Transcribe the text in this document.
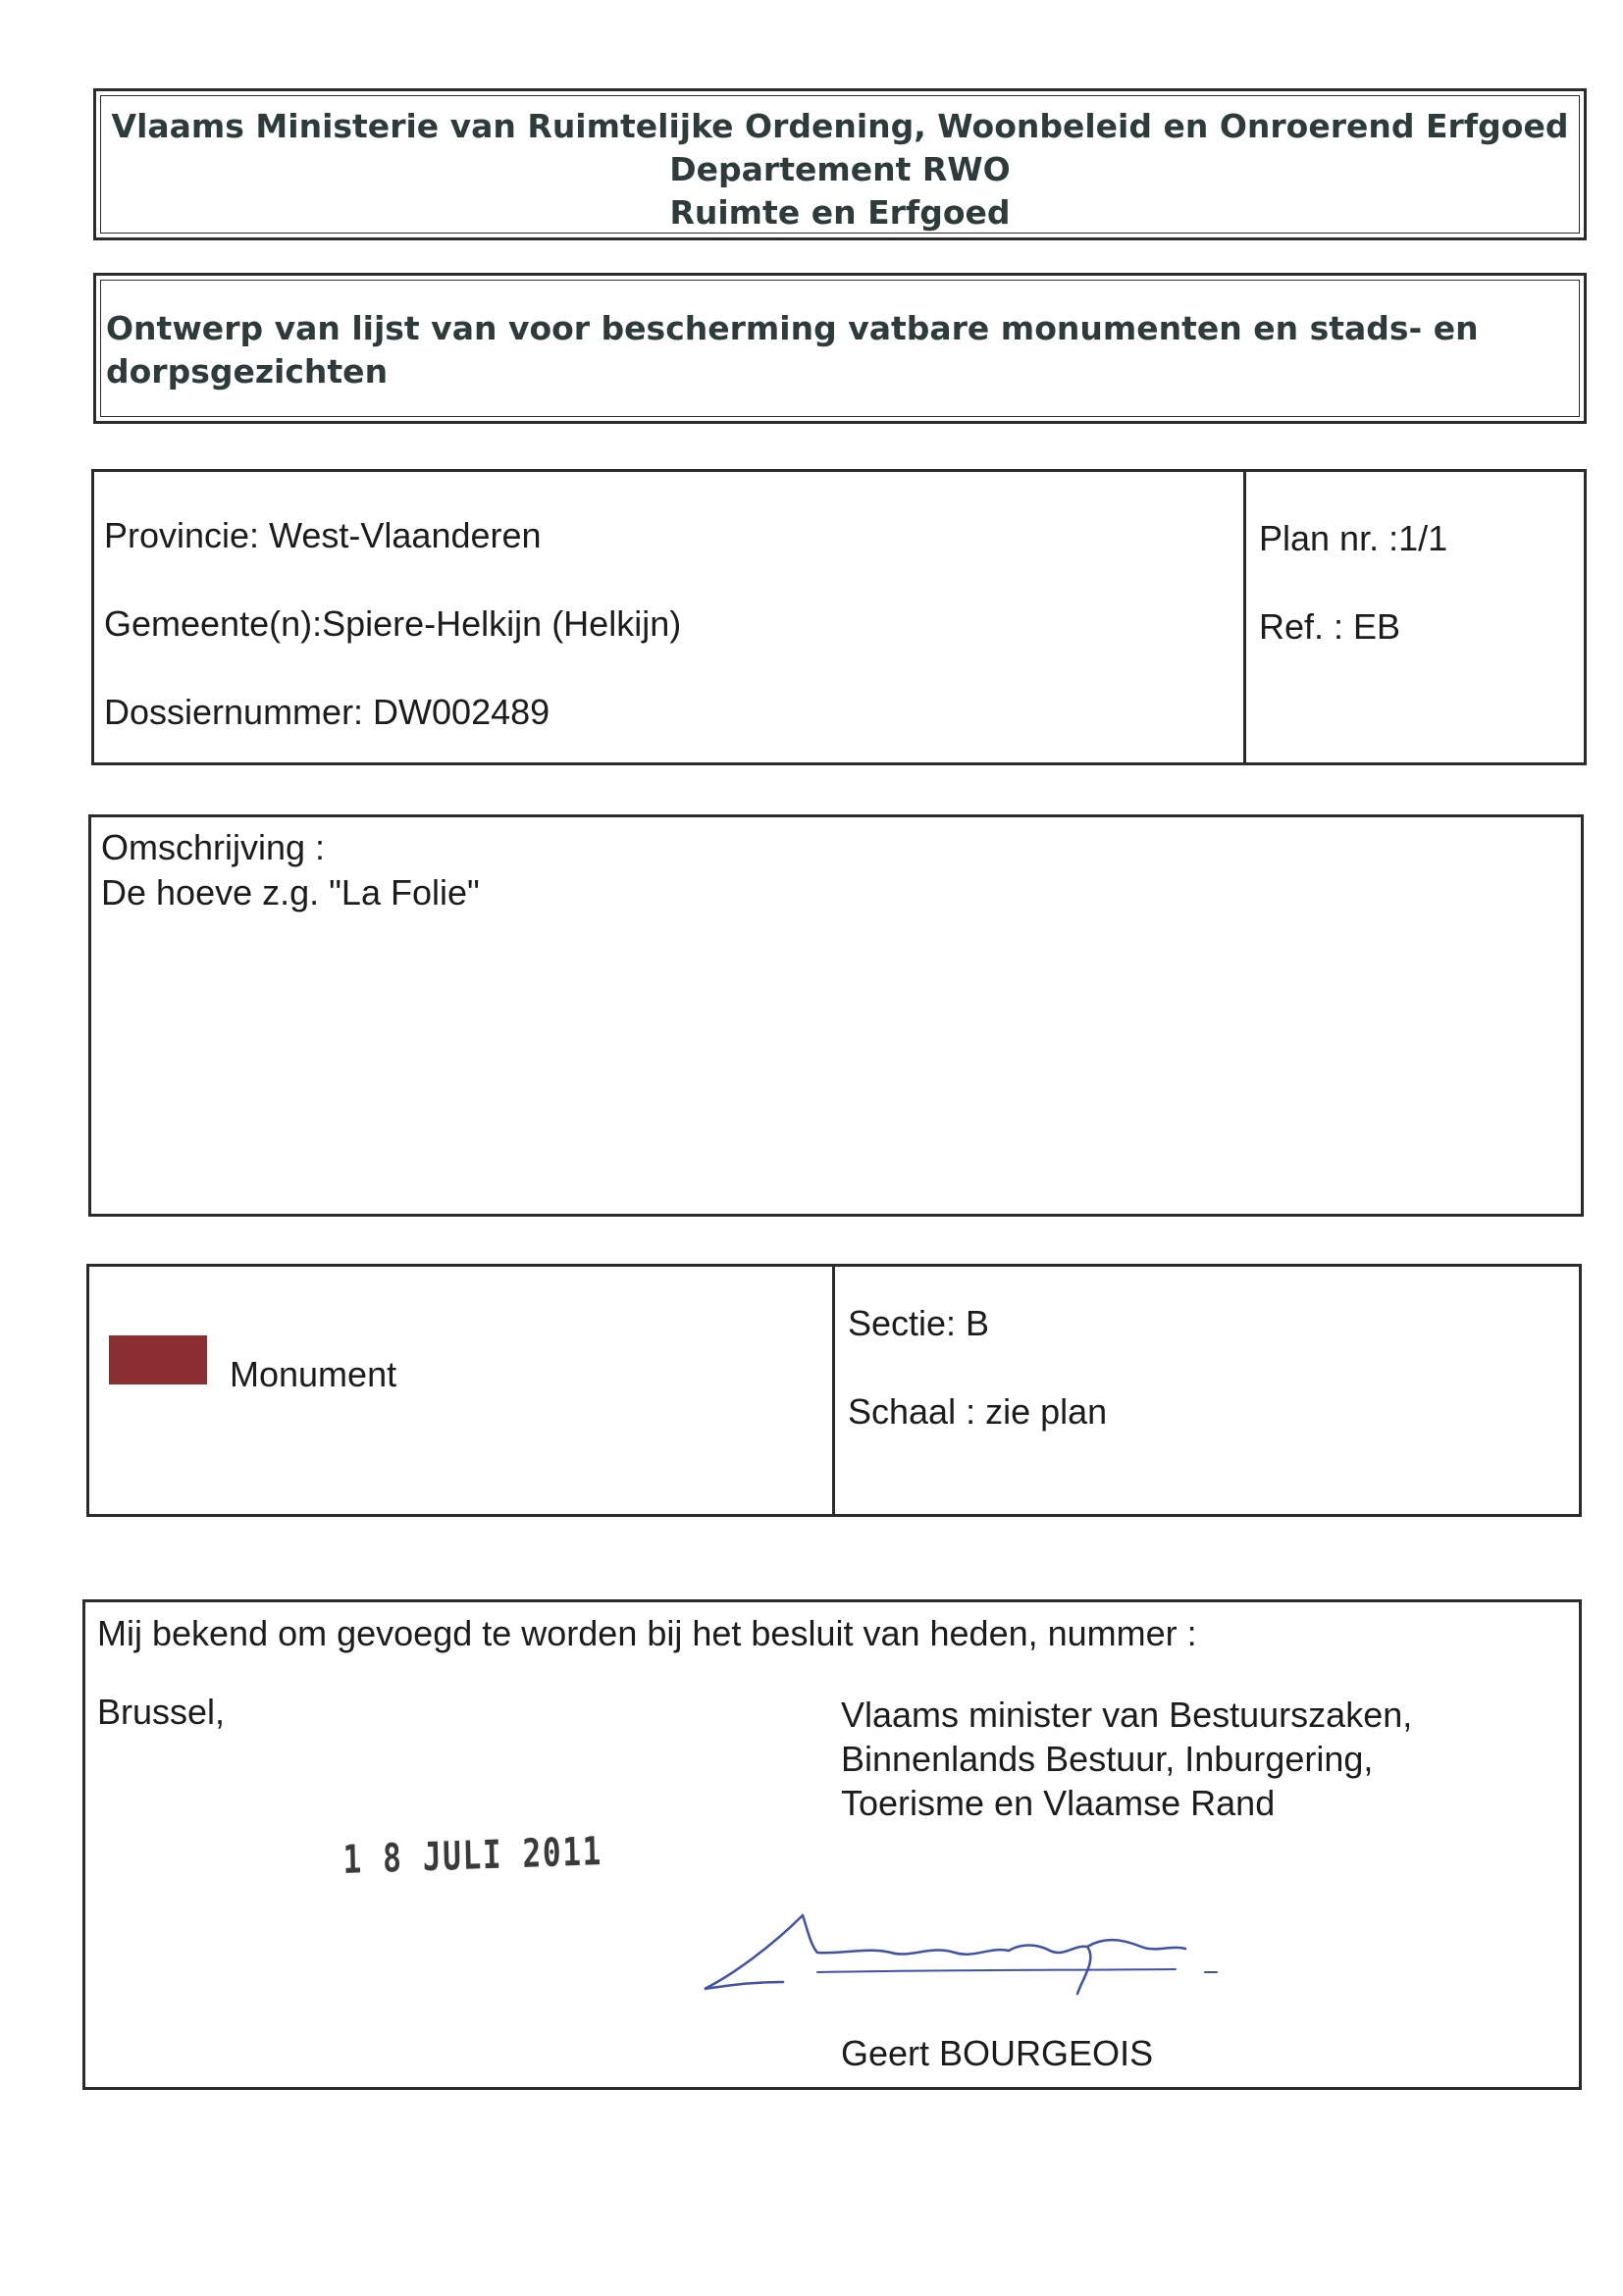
Vlaams Ministerie van Ruimtelijke Ordening, Woonbeleid en Onroerend Erfgoed
Departement RWO
Ruimte en Erfgoed
Ontwerp van lijst van voor bescherming vatbare monumenten en stads- en dorpsgezichten
Provincie: West-Vlaanderen
Gemeente(n):Spiere-Helkijn (Helkijn)
Dossiernummer: DW002489
Plan nr. :1/1
Ref. : EB
Omschrijving :
De hoeve z.g. "La Folie"
Monument
Sectie: B
Schaal : zie plan
Mij bekend om gevoegd te worden bij het besluit van heden, nummer :
Brussel,	Vlaams minister van Bestuurszaken,
Binnenlands Bestuur, Inburgering,
Toerisme en Vlaamse Rand
1 8 JULI 2011
Geert BOURGEOIS
